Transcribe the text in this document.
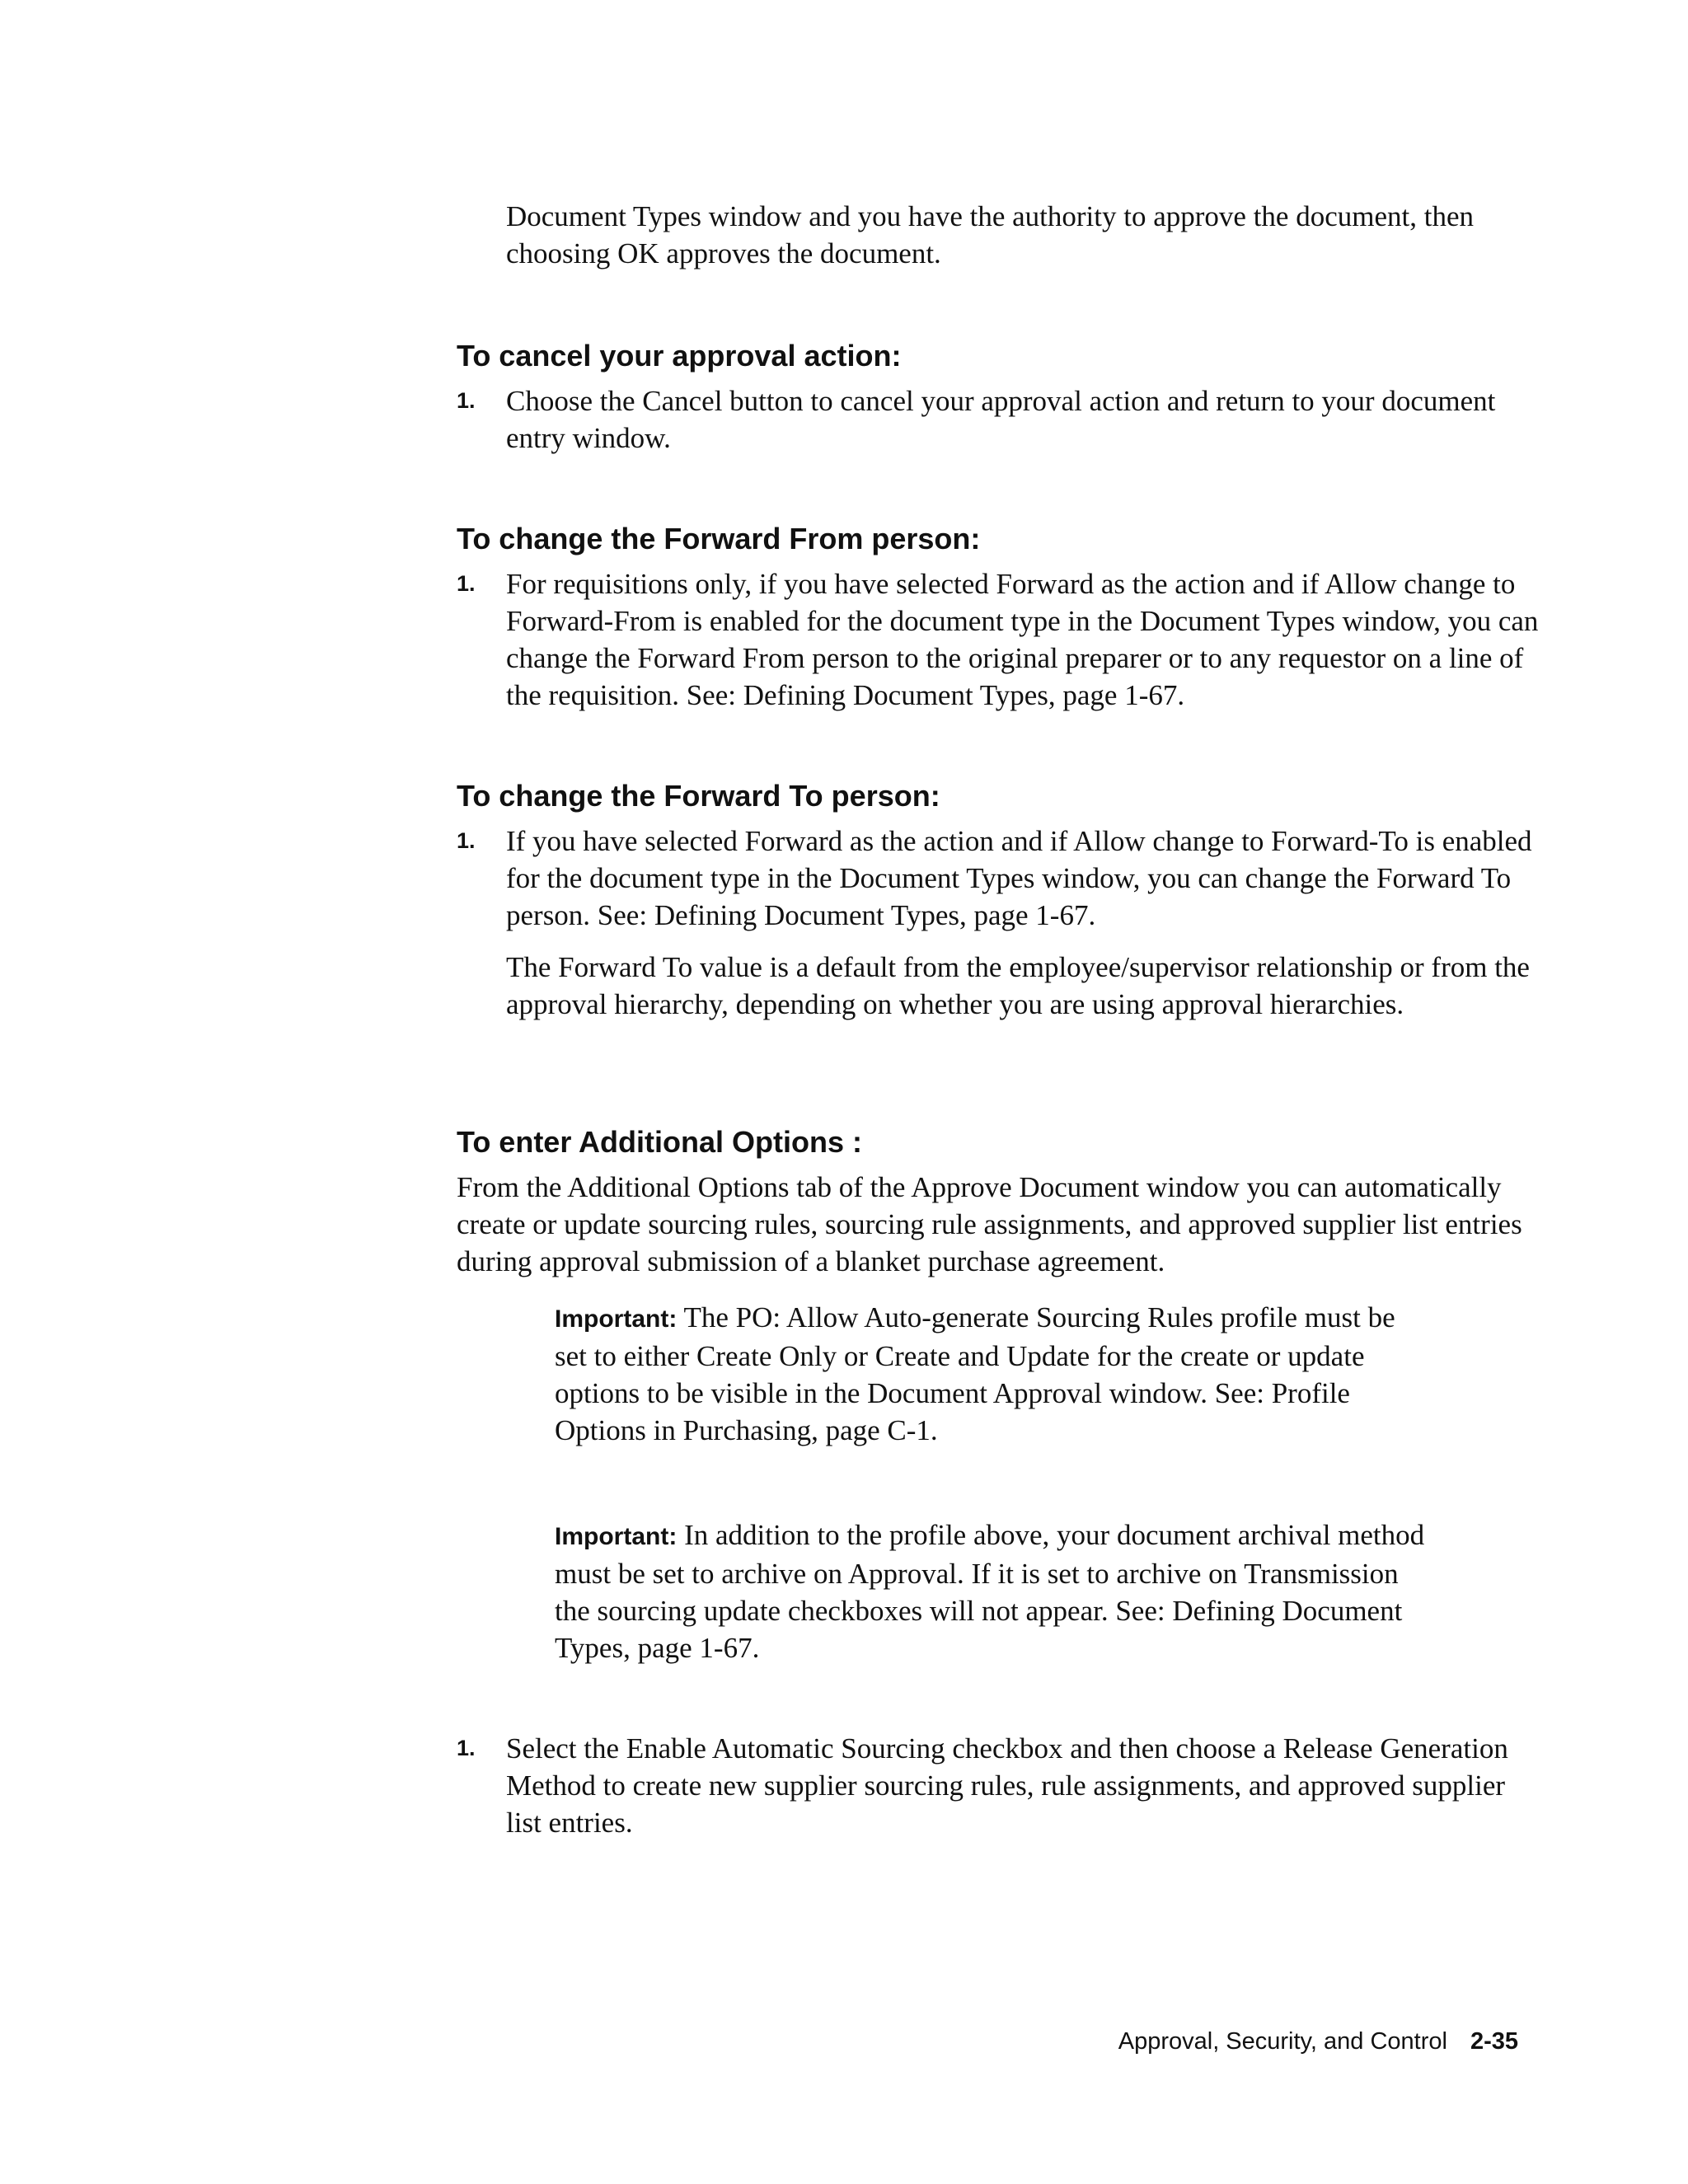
Document Types window and you have the authority to approve the document, then choosing OK approves the document.

To cancel your approval action:
1.	Choose the Cancel button to cancel your approval action and return to your document entry window.
To change the Forward From person:
1.	For requisitions only, if you have selected Forward as the action and if Allow change to Forward-From is enabled for the document type in the Document Types window, you can change the Forward From person to the original preparer or to any requestor on a line of the requisition. See: Defining Document Types, page 1-67.
To change the Forward To person:
1.	If you have selected Forward as the action and if Allow change to Forward-To is enabled for the document type in the Document Types window, you can change the Forward To person. See: Defining Document Types, page 1-67.

The Forward To value is a default from the employee/supervisor relationship or from the approval hierarchy, depending on whether you are using approval hierarchies.

To enter Additional Options :

From the Additional Options tab of the Approve Document window you can automatically create or update sourcing rules, sourcing rule assignments, and approved supplier list entries during approval submission of a blanket purchase agreement.

Important: The PO: Allow Auto-generate Sourcing Rules profile must be set to either Create Only or Create and Update for the create or update options to be visible in the Document Approval window. See: Profile Options in Purchasing, page C-1.

Important: In addition to the profile above, your document archival method must be set to archive on Approval. If it is set to archive on Transmission the sourcing update checkboxes will not appear. See: Defining Document Types, page 1-67.

1.	Select the Enable Automatic Sourcing checkbox and then choose a Release Generation Method to create new supplier sourcing rules, rule assignments, and approved supplier list entries.
Approval, Security, and Control 2-35
